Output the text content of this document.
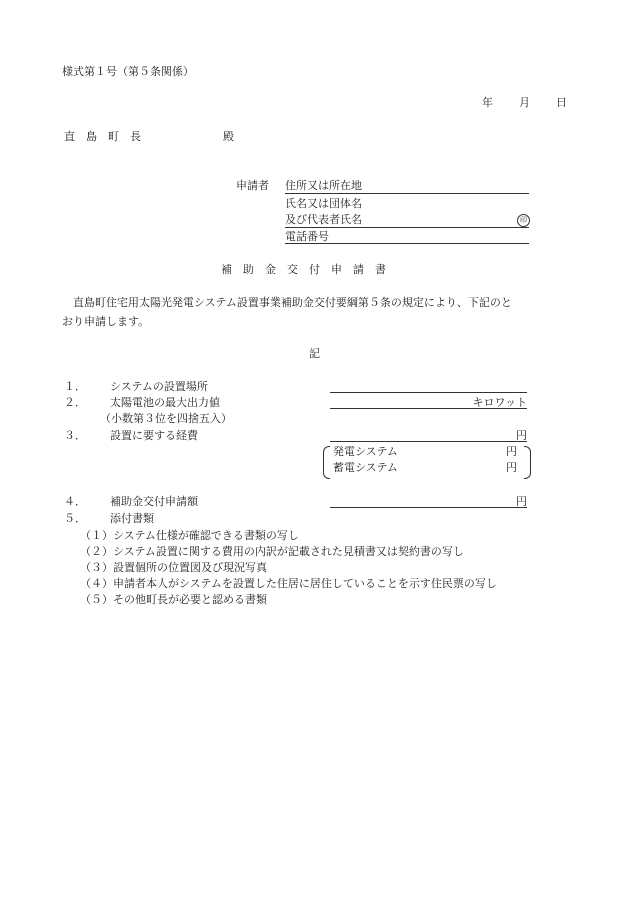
様式第１号（第５条関係）
年 月 日
直　島　町　長	殿
申請者 住所又は所在地
氏名又は団体名
及び代表者氏名	印
電話番号
補　助　金　交　付　申　請　書
　直島町住宅用太陽光発電システム設置事業補助金交付要綱第５条の規定により、下記のと
おり申請します。
記
１． システムの設置場所
２． 太陽電池の最大出力値	キロワット
（小数第３位を四捨五入）
３． 設置に要する経費	円
発電システム	円
蓄電システム	円
４． 補助金交付申請額	円
５． 添付書類
（１）システム仕様が確認できる書類の写し
（２）システム設置に関する費用の内訳が記載された見積書又は契約書の写し
（３）設置個所の位置図及び現況写真
（４）申請者本人がシステムを設置した住居に居住していることを示す住民票の写し
（５）その他町長が必要と認める書類
